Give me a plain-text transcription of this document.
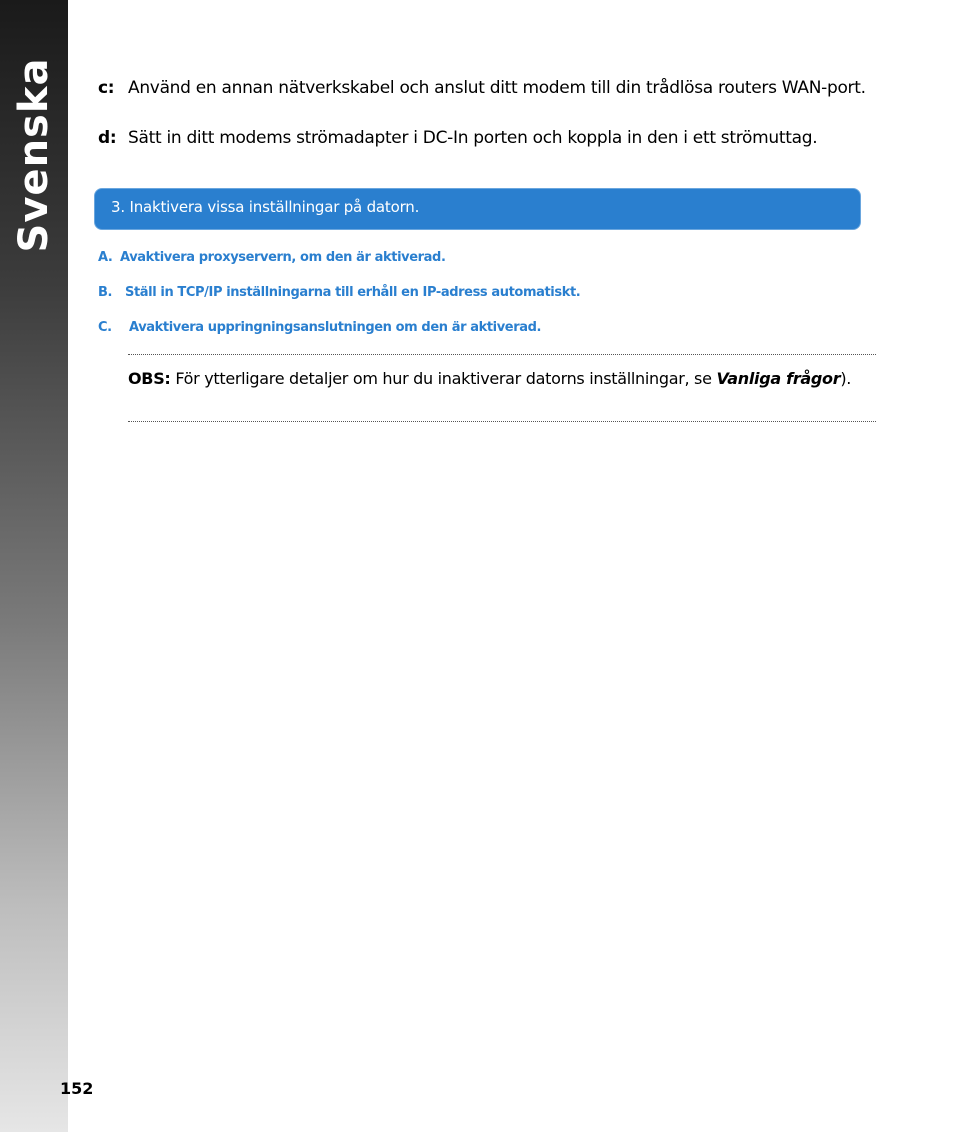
Svenska c: Använd en annan nätverkskabel och anslut ditt modem till din trådlösa routers WAN-port.
d: Sätt in ditt modems strömadapter i DC-In porten och koppla in den i ett strömuttag.
3. Inaktivera vissa inställningar på datorn.
A. Avaktivera proxyservern, om den är aktiverad.
B. Ställ in TCP/IP inställningarna till erhåll en IP-adress automatiskt.
C. Avaktivera uppringningsanslutningen om den är aktiverad.
OBS: För ytterligare detaljer om hur du inaktiverar datorns inställningar, se Vanliga frågor).
152
